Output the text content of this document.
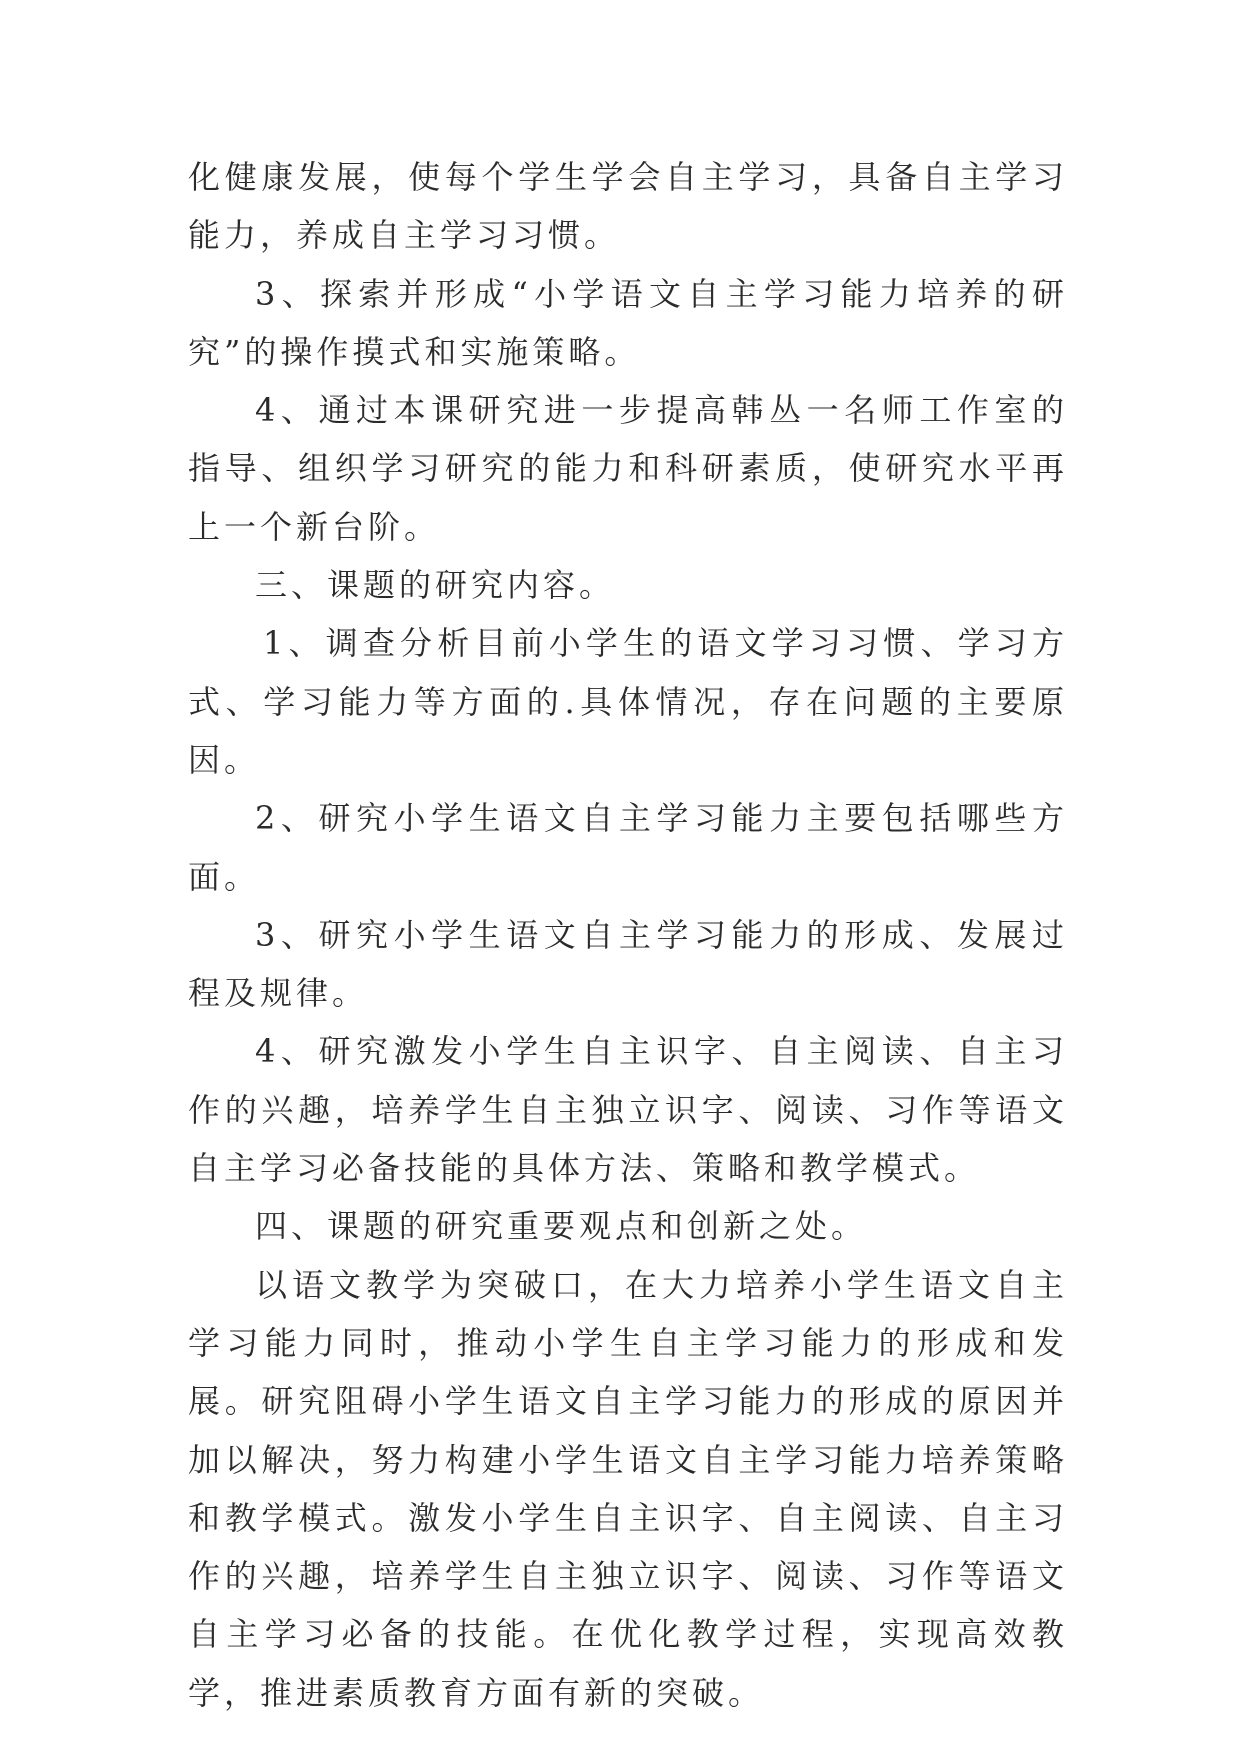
化健康发展，使每个学生学会自主学习，具备自主学习能力，养成自主学习习惯。

3、探索并形成“小学语文自主学习能力培养的研究”的操作摸式和实施策略。

4、通过本课研究进一步提高韩丛一名师工作室的指导、组织学习研究的能力和科研素质，使研究水平再上一个新台阶。

三、课题的研究内容。

1、调查分析目前小学生的语文学习习惯、学习方式、学习能力等方面的.具体情况，存在问题的主要原因。

2、研究小学生语文自主学习能力主要包括哪些方面。

3、研究小学生语文自主学习能力的形成、发展过程及规律。

4、研究激发小学生自主识字、自主阅读、自主习作的兴趣，培养学生自主独立识字、阅读、习作等语文自主学习必备技能的具体方法、策略和教学模式。

四、课题的研究重要观点和创新之处。

以语文教学为突破口，在大力培养小学生语文自主学习能力同时，推动小学生自主学习能力的形成和发展。研究阻碍小学生语文自主学习能力的形成的原因并加以解决，努力构建小学生语文自主学习能力培养策略和教学模式。激发小学生自主识字、自主阅读、自主习作的兴趣，培养学生自主独立识字、阅读、习作等语文自主学习必备的技能。在优化教学过程，实现高效教学，推进素质教育方面有新的突破。
